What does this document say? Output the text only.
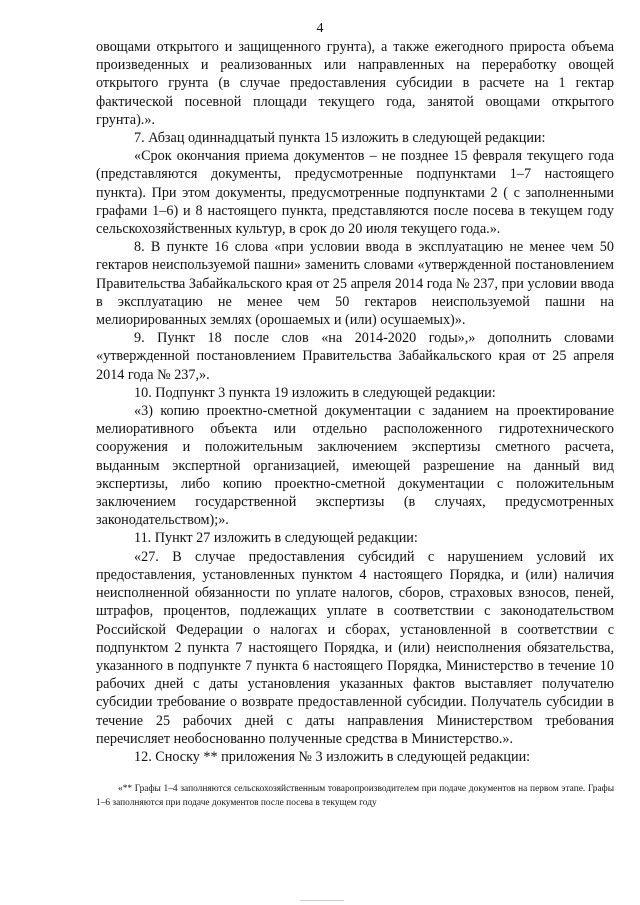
4

овощами открытого и защищенного грунта), а также ежегодного прироста объема произведенных и реализованных или направленных на переработку овощей открытого грунта (в случае предоставления субсидии в расчете на 1 гектар фактической посевной площади текущего года, занятой овощами открытого грунта).».

7. Абзац одиннадцатый пункта 15 изложить в следующей редакции:

«Срок окончания приема документов – не позднее 15 февраля текущего года (представляются документы, предусмотренные подпунктами 1–7 настоящего пункта). При этом документы, предусмотренные подпунктами 2 ( с заполненными графами 1–6) и 8 настоящего пункта, представляются после посева в текущем году сельскохозяйственных культур, в срок до 20 июля текущего года.».

8. В пункте 16 слова «при условии ввода в эксплуатацию не менее чем 50 гектаров неиспользуемой пашни» заменить словами «утвержденной постановлением Правительства Забайкальского края от 25 апреля 2014 года № 237, при условии ввода в эксплуатацию не менее чем 50 гектаров неиспользуемой пашни на мелиорированных землях (орошаемых и (или) осушаемых)».

9. Пункт 18 после слов «на 2014-2020 годы»,» дополнить словами «утвержденной постановлением Правительства Забайкальского края от 25 апреля 2014 года № 237,».

10. Подпункт 3 пункта 19 изложить в следующей редакции:

«3) копию проектно-сметной документации с заданием на проектирование мелиоративного объекта или отдельно расположенного гидротехнического сооружения и положительным заключением экспертизы сметного расчета, выданным экспертной организацией, имеющей разрешение на данный вид экспертизы, либо копию проектно-сметной документации с положительным заключением государственной экспертизы (в случаях, предусмотренных законодательством);».

11. Пункт 27 изложить в следующей редакции:

«27. В случае предоставления субсидий с нарушением условий их предоставления, установленных пунктом 4 настоящего Порядка, и (или) наличия неисполненной обязанности по уплате налогов, сборов, страховых взносов, пеней, штрафов, процентов, подлежащих уплате в соответствии с законодательством Российской Федерации о налогах и сборах, установленной в соответствии с подпунктом 2 пункта 7 настоящего Порядка, и (или) неисполнения обязательства, указанного в подпункте 7 пункта 6 настоящего Порядка, Министерство в течение 10 рабочих дней с даты установления указанных фактов выставляет получателю субсидии требование о возврате предоставленной субсидии. Получатель субсидии в течение 25 рабочих дней с даты направления Министерством требования перечисляет необоснованно полученные средства в Министерство.».

12. Сноску ** приложения № 3 изложить в следующей редакции:

«** Графы 1–4 заполняются сельскохозяйственным товаропроизводителем при подаче документов на первом этапе. Графы 1–6 заполняются при подаче документов после посева в текущем году
